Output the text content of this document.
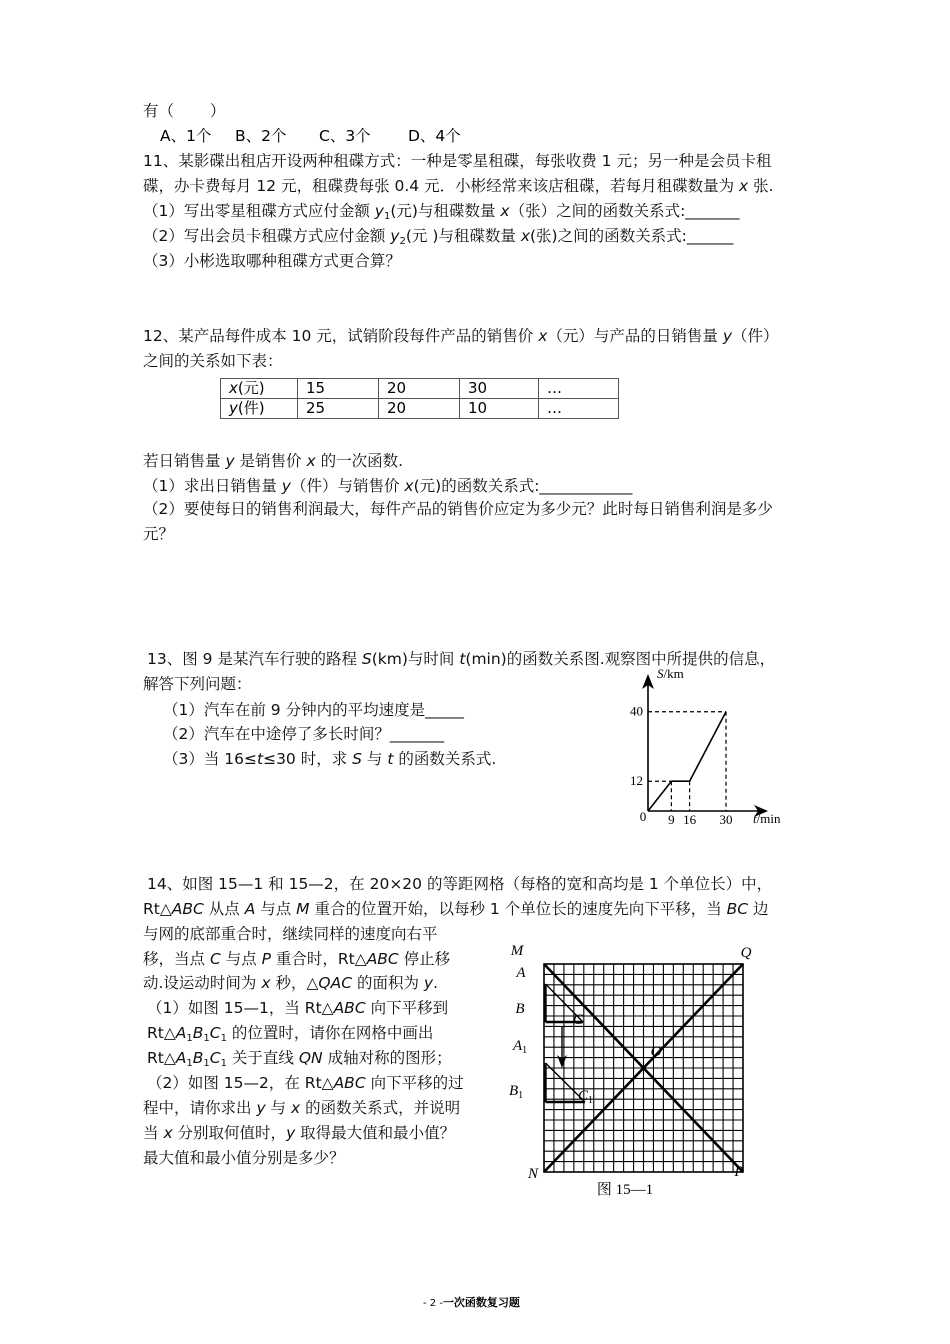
有（　　 ）
A、1个 B、2个 C、3个 D、4个
11、某影碟出租店开设两种租碟方式：一种是零星租碟，每张收费 1 元；另一种是会员卡租
碟，办卡费每月 12 元，租碟费每张 0.4 元．小彬经常来该店租碟，若每月租碟数量为 x 张.
（1）写出零星租碟方式应付金额 y1(元)与租碟数量 x（张）之间的函数关系式:_______
（2）写出会员卡租碟方式应付金额 y2(元 )与租碟数量 x(张)之间的函数关系式:______
（3）小彬选取哪种租碟方式更合算？
12、某产品每件成本 10 元，试销阶段每件产品的销售价 x（元）与产品的日销售量 y（件）
之间的关系如下表：
x(元)	15	20	30	…
y(件)	25	20	10	…
若日销售量 y 是销售价 x 的一次函数.
（1）求出日销售量 y（件）与销售价 x(元)的函数关系式:____________
（2）要使每日的销售利润最大，每件产品的销售价应定为多少元？此时每日销售利润是多少
元？
13、图 9 是某汽车行驶的路程 S(km)与时间 t(min)的函数关系图.观察图中所提供的信息，
解答下列问题：
（1）汽车在前 9 分钟内的平均速度是_____
（2）汽车在中途停了多长时间？_______
（3）当 16≤t≤30 时，求 S 与 t 的函数关系式.
9 16 30
12
40
S/km
t/min
0
14、如图 15—1 和 15—2，在 20×20 的等距网格（每格的宽和高均是 1 个单位长）中，
Rt△ABC 从点 A 与点 M 重合的位置开始，以每秒 1 个单位长的速度先向下平移，当 BC 边
与网的底部重合时，继续同样的速度向右平
移，当点 C 与点 P 重合时，Rt△ABC 停止移
动.设运动时间为 x 秒，△QAC 的面积为 y.
（1）如图 15—1，当 Rt△ABC 向下平移到
Rt△A1B1C1 的位置时，请你在网格中画出
Rt△A1B1C1 关于直线 QN 成轴对称的图形；
（2）如图 15—2，在 Rt△ABC 向下平移的过
程中，请你求出 y 与 x 的函数关系式，并说明
当 x 分别取何值时，y 取得最大值和最小值？
最大值和最小值分别是多少？
M	Q
A
B
$A_1$
$B_1$
C
O
$C_1$
N	P
图 15—1
- 2 -一次函数复习题
